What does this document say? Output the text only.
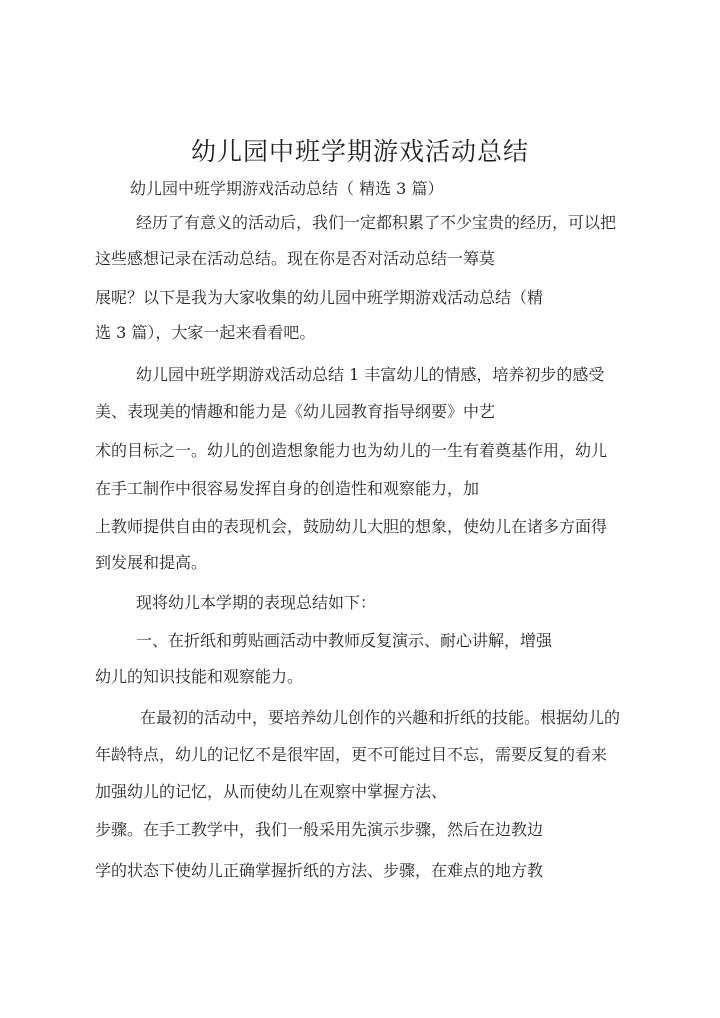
幼儿园中班学期游戏活动总结
幼儿园中班学期游戏活动总结（ 精选 3 篇）
经历了有意义的活动后，我们一定都积累了不少宝贵的经历，可以把
这些感想记录在活动总结。现在你是否对活动总结一筹莫
展呢？以下是我为大家收集的幼儿园中班学期游戏活动总结（精
选 3 篇），大家一起来看看吧。
幼儿园中班学期游戏活动总结 1 丰富幼儿的情感，培养初步的感受
美、表现美的情趣和能力是《幼儿园教育指导纲要》中艺
术的目标之一。幼儿的创造想象能力也为幼儿的一生有着奠基作用，幼儿
在手工制作中很容易发挥自身的创造性和观察能力，加
上教师提供自由的表现机会，鼓励幼儿大胆的想象，使幼儿在诸多方面得
到发展和提高。
现将幼儿本学期的表现总结如下：
一、在折纸和剪贴画活动中教师反复演示、耐心讲解，增强
幼儿的知识技能和观察能力。
在最初的活动中，要培养幼儿创作的兴趣和折纸的技能。根据幼儿的
年龄特点，幼儿的记忆不是很牢固，更不可能过目不忘，需要反复的看来
加强幼儿的记忆，从而使幼儿在观察中掌握方法、
步骤。在手工教学中，我们一般采用先演示步骤，然后在边教边
学的状态下使幼儿正确掌握折纸的方法、步骤，在难点的地方教
